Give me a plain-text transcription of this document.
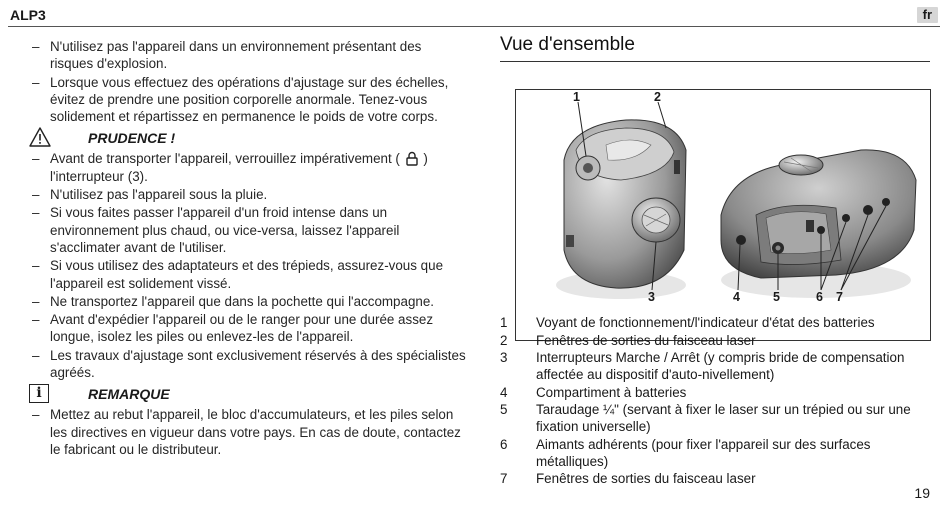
ALP3	fr
– N'utilisez pas l'appareil dans un environnement présentant des risques d'explosion.
– Lorsque vous effectuez des opérations d'ajustage sur des échelles, évitez de prendre une position corporelle anormale. Tenez-vous solidement et répartissez en permanence le poids de votre corps.
PRUDENCE !
– Avant de transporter l'appareil, verrouillez impérativement ( ) l'interrupteur (3).
– N'utilisez pas l'appareil sous la pluie.
– Si vous faites passer l'appareil d'un froid intense dans un environnement plus chaud, ou vice-versa, laissez l'appareil s'acclimater avant de l'utiliser.
– Si vous utilisez des adaptateurs et des trépieds, assurez-vous que l'appareil est solidement vissé.
– Ne transportez l'appareil que dans la pochette qui l'accompagne.
– Avant d'expédier l'appareil ou de le ranger pour une durée assez longue, isolez les piles ou enlevez-les de l'appareil.
– Les travaux d'ajustage sont exclusivement réservés à des spécialistes agréés.
i	REMARQUE
– Mettez au rebut l'appareil, le bloc d'accumulateurs, et les piles selon les directives en vigueur dans votre pays. En cas de doute, contactez le fabricant ou le distributeur.
Vue d'ensemble
1	2
3	4	5	6 7
1	Voyant de fonctionnement/l'indicateur d'état des batteries
2	Fenêtres de sorties du faisceau laser
3	Interrupteurs Marche / Arrêt (y compris bride de compensation affectée au dispositif d'auto-nivellement)
4	Compartiment à batteries
5	Taraudage ¼" (servant à fixer le laser sur un trépied ou sur une fixation universelle)
6	Aimants adhérents (pour fixer l'appareil sur des surfaces métalliques)
7	Fenêtres de sorties du faisceau laser
19
